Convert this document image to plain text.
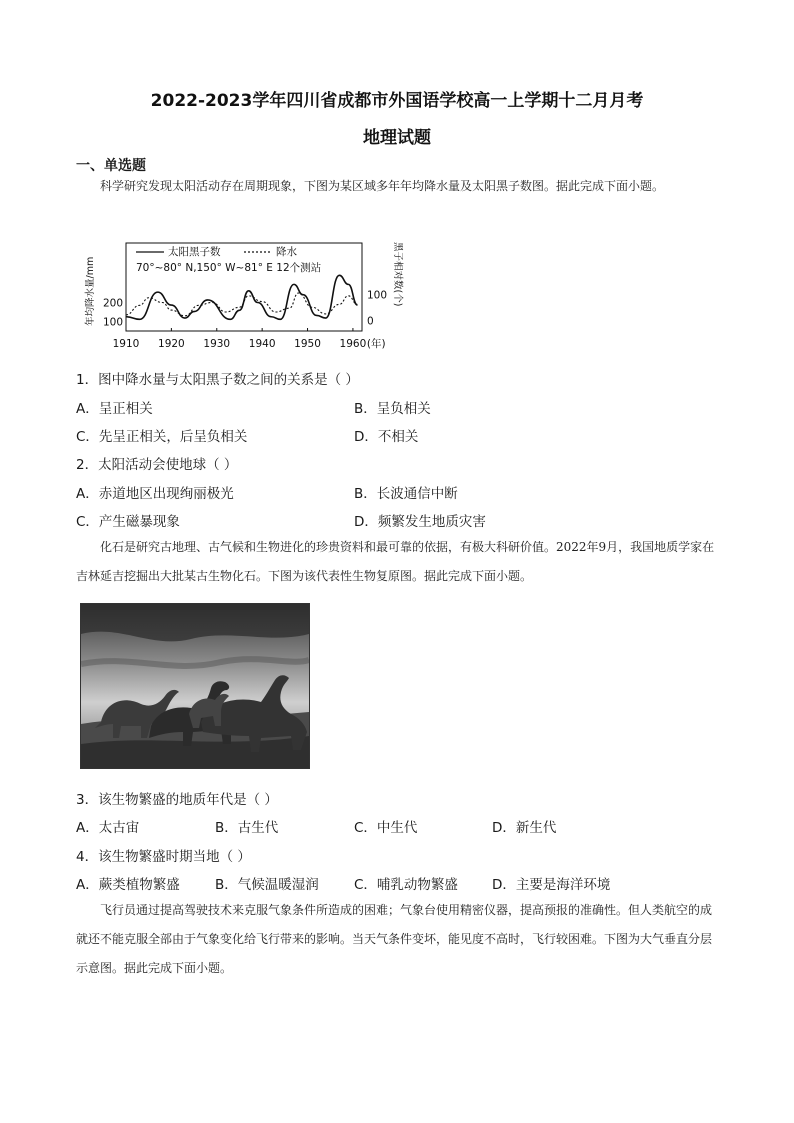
2022-2023学年四川省成都市外国语学校高一上学期十二月月考
地理试题
一、单选题
科学研究发现太阳活动存在周期现象，下图为某区域多年年均降水量及太阳黑子数图。据此完成下面小题。
年均降水量/mm	黑子相对数(个)
太阳黑子数	降水
70°~80° N,150° W~81° E 12个测站
1910 1920 1930 1940 1950 1960 (年)
200
100
100
0
1．图中降水量与太阳黑子数之间的关系是（ ）
A．呈正相关	B．呈负相关
C．先呈正相关，后呈负相关	D．不相关
2．太阳活动会使地球（ ）
A．赤道地区出现绚丽极光	B．长波通信中断
C．产生磁暴现象	D．频繁发生地质灾害
化石是研究古地理、古气候和生物进化的珍贵资料和最可靠的依据，有极大科研价值。2022年9月，我国地质学家在吉林延吉挖掘出大批某古生物化石。下图为该代表性生物复原图。据此完成下面小题。
3．该生物繁盛的地质年代是（ ）
A．太古宙	B．古生代	C．中生代	D．新生代
4．该生物繁盛时期当地（ ）
A．蕨类植物繁盛	B．气候温暖湿润	C．哺乳动物繁盛	D．主要是海洋环境
飞行员通过提高驾驶技术来克服气象条件所造成的困难；气象台使用精密仪器，提高预报的准确性。但人类航空的成就还不能克服全部由于气象变化给飞行带来的影响。当天气条件变坏，能见度不高时，飞行较困难。下图为大气垂直分层示意图。据此完成下面小题。
